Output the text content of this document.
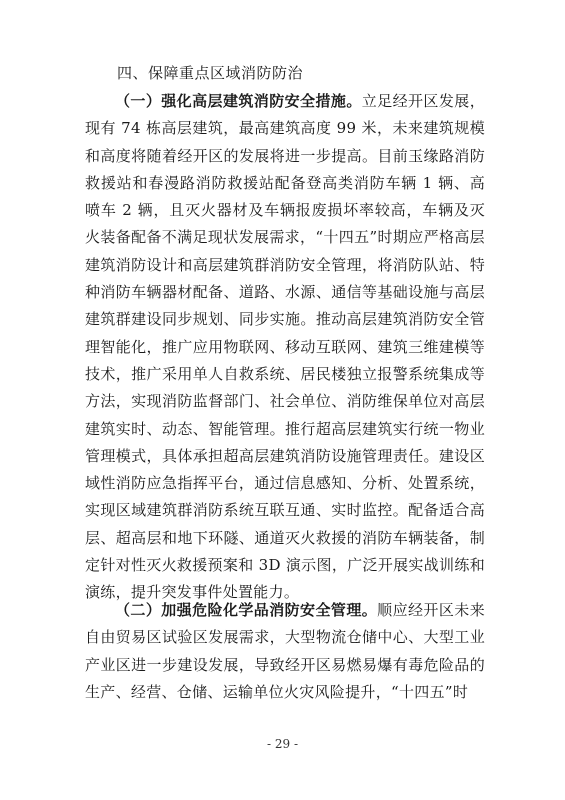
四、保障重点区域消防防治

（一）强化高层建筑消防安全措施。立足经开区发展，现有 74 栋高层建筑，最高建筑高度 99 米，未来建筑规模和高度将随着经开区的发展将进一步提高。目前玉缘路消防救援站和春漫路消防救援站配备登高类消防车辆 1 辆、高喷车 2 辆，且灭火器材及车辆报废损坏率较高，车辆及灭火装备配备不满足现状发展需求，“十四五”时期应严格高层建筑消防设计和高层建筑群消防安全管理，将消防队站、特种消防车辆器材配备、道路、水源、通信等基础设施与高层建筑群建设同步规划、同步实施。推动高层建筑消防安全管理智能化，推广应用物联网、移动互联网、建筑三维建模等技术，推广采用单人自救系统、居民楼独立报警系统集成等方法，实现消防监督部门、社会单位、消防维保单位对高层建筑实时、动态、智能管理。推行超高层建筑实行统一物业管理模式，具体承担超高层建筑消防设施管理责任。建设区域性消防应急指挥平台，通过信息感知、分析、处置系统，实现区域建筑群消防系统互联互通、实时监控。配备适合高层、超高层和地下环隧、通道灭火救援的消防车辆装备，制定针对性灭火救援预案和 3D 演示图，广泛开展实战训练和演练，提升突发事件处置能力。

（二）加强危险化学品消防安全管理。顺应经开区未来自由贸易区试验区发展需求，大型物流仓储中心、大型工业产业区进一步建设发展，导致经开区易燃易爆有毒危险品的生产、经营、仓储、运输单位火灾风险提升，“十四五”时

- 29 -
